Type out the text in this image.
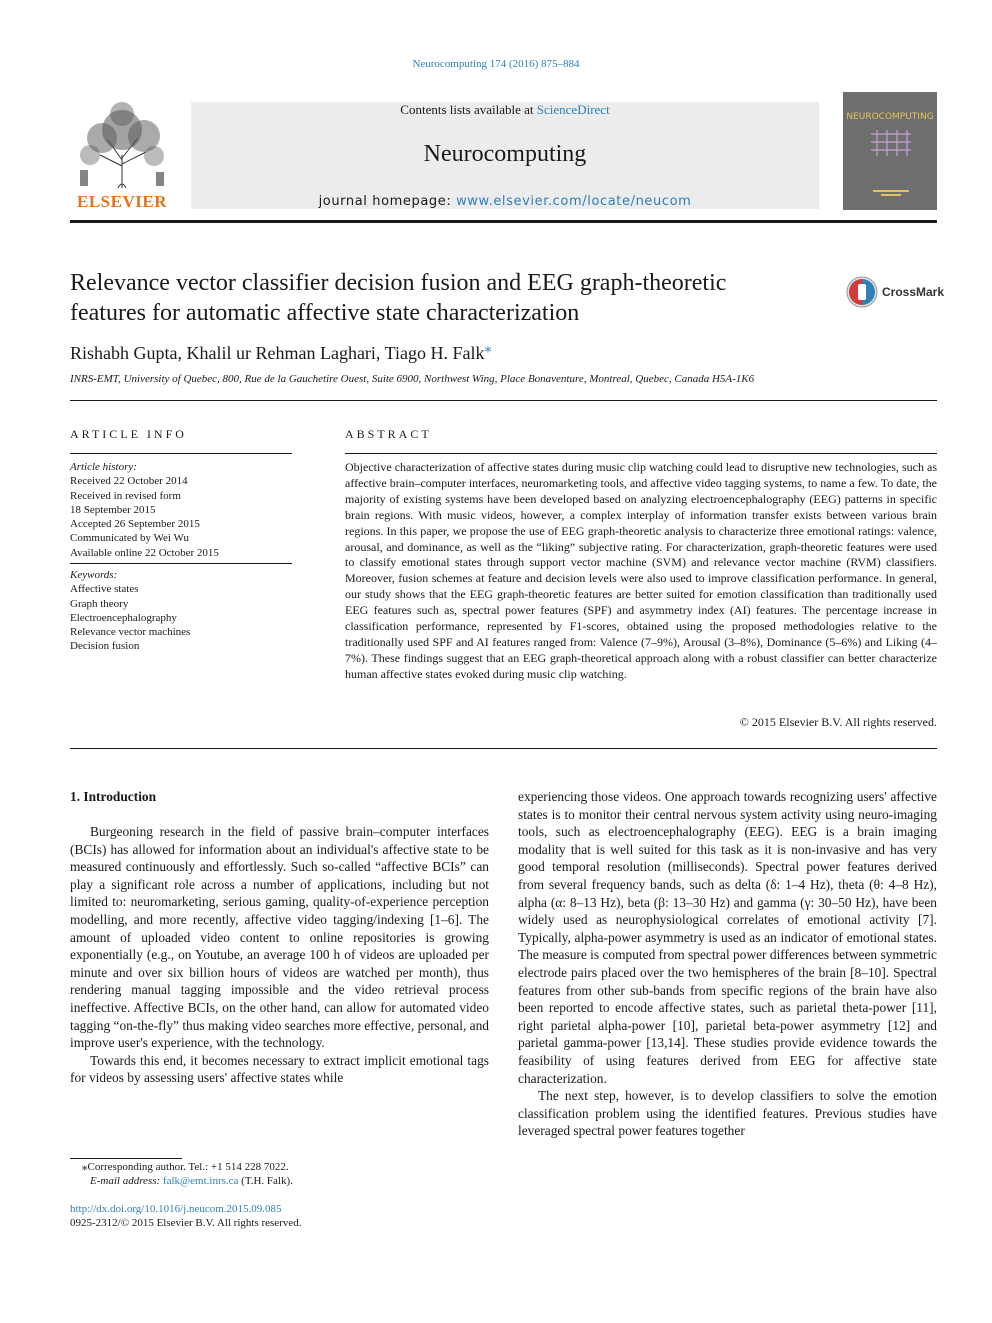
Neurocomputing 174 (2016) 875–884
ELSEVIER
Contents lists available at ScienceDirect
Neurocomputing
journal homepage: www.elsevier.com/locate/neucom
NEUROCOMPUTING
Relevance vector classifier decision fusion and EEG graph-theoretic
features for automatic affective state characterization
CrossMark
Rishabh Gupta, Khalil ur Rehman Laghari, Tiago H. Falk⁎
INRS-EMT, University of Quebec, 800, Rue de la Gauchetire Ouest, Suite 6900, Northwest Wing, Place Bonaventure, Montreal, Quebec, Canada H5A-1K6
ARTICLE INFO
Article history:
Received 22 October 2014
Received in revised form
18 September 2015
Accepted 26 September 2015
Communicated by Wei Wu
Available online 22 October 2015
Keywords:
Affective states
Graph theory
Electroencephalography
Relevance vector machines
Decision fusion
ABSTRACT
Objective characterization of affective states during music clip watching could lead to disruptive new technologies, such as affective brain–computer interfaces, neuromarketing tools, and affective video tagging systems, to name a few. To date, the majority of existing systems have been developed based on analyzing electroencephalography (EEG) patterns in specific brain regions. With music videos, however, a complex interplay of information transfer exists between various brain regions. In this paper, we propose the use of EEG graph-theoretic analysis to characterize three emotional ratings: valence, arousal, and dominance, as well as the “liking” subjective rating. For characterization, graph-theoretic features were used to classify emotional states through support vector machine (SVM) and relevance vector machine (RVM) classifiers. Moreover, fusion schemes at feature and decision levels were also used to improve classification performance. In general, our study shows that the EEG graph-theoretic features are better suited for emotion classification than traditionally used EEG features such as, spectral power features (SPF) and asymmetry index (AI) features. The percentage increase in classification performance, represented by F1-scores, obtained using the proposed methodologies relative to the traditionally used SPF and AI features ranged from: Valence (7–9%), Arousal (3–8%), Dominance (5–6%) and Liking (4–7%). These findings suggest that an EEG graph-theoretical approach along with a robust classifier can better characterize human affective states evoked during music clip watching.
© 2015 Elsevier B.V. All rights reserved.
1. Introduction

Burgeoning research in the field of passive brain–computer interfaces (BCIs) has allowed for information about an individual's affective state to be measured continuously and effortlessly. Such so-called “affective BCIs” can play a significant role across a number of applications, including but not limited to: neuromarketing, serious gaming, quality-of-experience perception modelling, and more recently, affective video tagging/indexing [1–6]. The amount of uploaded video content to online repositories is growing exponentially (e.g., on Youtube, an average 100 h of videos are uploaded per minute and over six billion hours of videos are watched per month), thus rendering manual tagging impossible and the video retrieval process ineffective. Affective BCIs, on the other hand, can allow for automated video tagging “on-the-fly” thus making video searches more effective, personal, and improve user's experience, with the technology.

Towards this end, it becomes necessary to extract implicit emotional tags for videos by assessing users' affective states while

experiencing those videos. One approach towards recognizing users' affective states is to monitor their central nervous system activity using neuro-imaging tools, such as electroencephalography (EEG). EEG is a brain imaging modality that is well suited for this task as it is non-invasive and has very good temporal resolution (milliseconds). Spectral power features derived from several frequency bands, such as delta (δ: 1–4 Hz), theta (θ: 4–8 Hz), alpha (α: 8–13 Hz), beta (β: 13–30 Hz) and gamma (γ: 30–50 Hz), have been widely used as neurophysiological correlates of emotional activity [7]. Typically, alpha-power asymmetry is used as an indicator of emotional states. The measure is computed from spectral power differences between symmetric electrode pairs placed over the two hemispheres of the brain [8–10]. Spectral features from other sub-bands from specific regions of the brain have also been reported to encode affective states, such as parietal theta-power [11], right parietal alpha-power [10], parietal beta-power asymmetry [12] and parietal gamma-power [13,14]. These studies provide evidence towards the feasibility of using features derived from EEG for affective state characterization.

The next step, however, is to develop classifiers to solve the emotion classification problem using the identified features. Previous studies have leveraged spectral power features together

⁎Corresponding author. Tel.: +1 514 228 7022.
E-mail address: falk@emt.inrs.ca (T.H. Falk).
http://dx.doi.org/10.1016/j.neucom.2015.09.085
0925-2312/© 2015 Elsevier B.V. All rights reserved.
